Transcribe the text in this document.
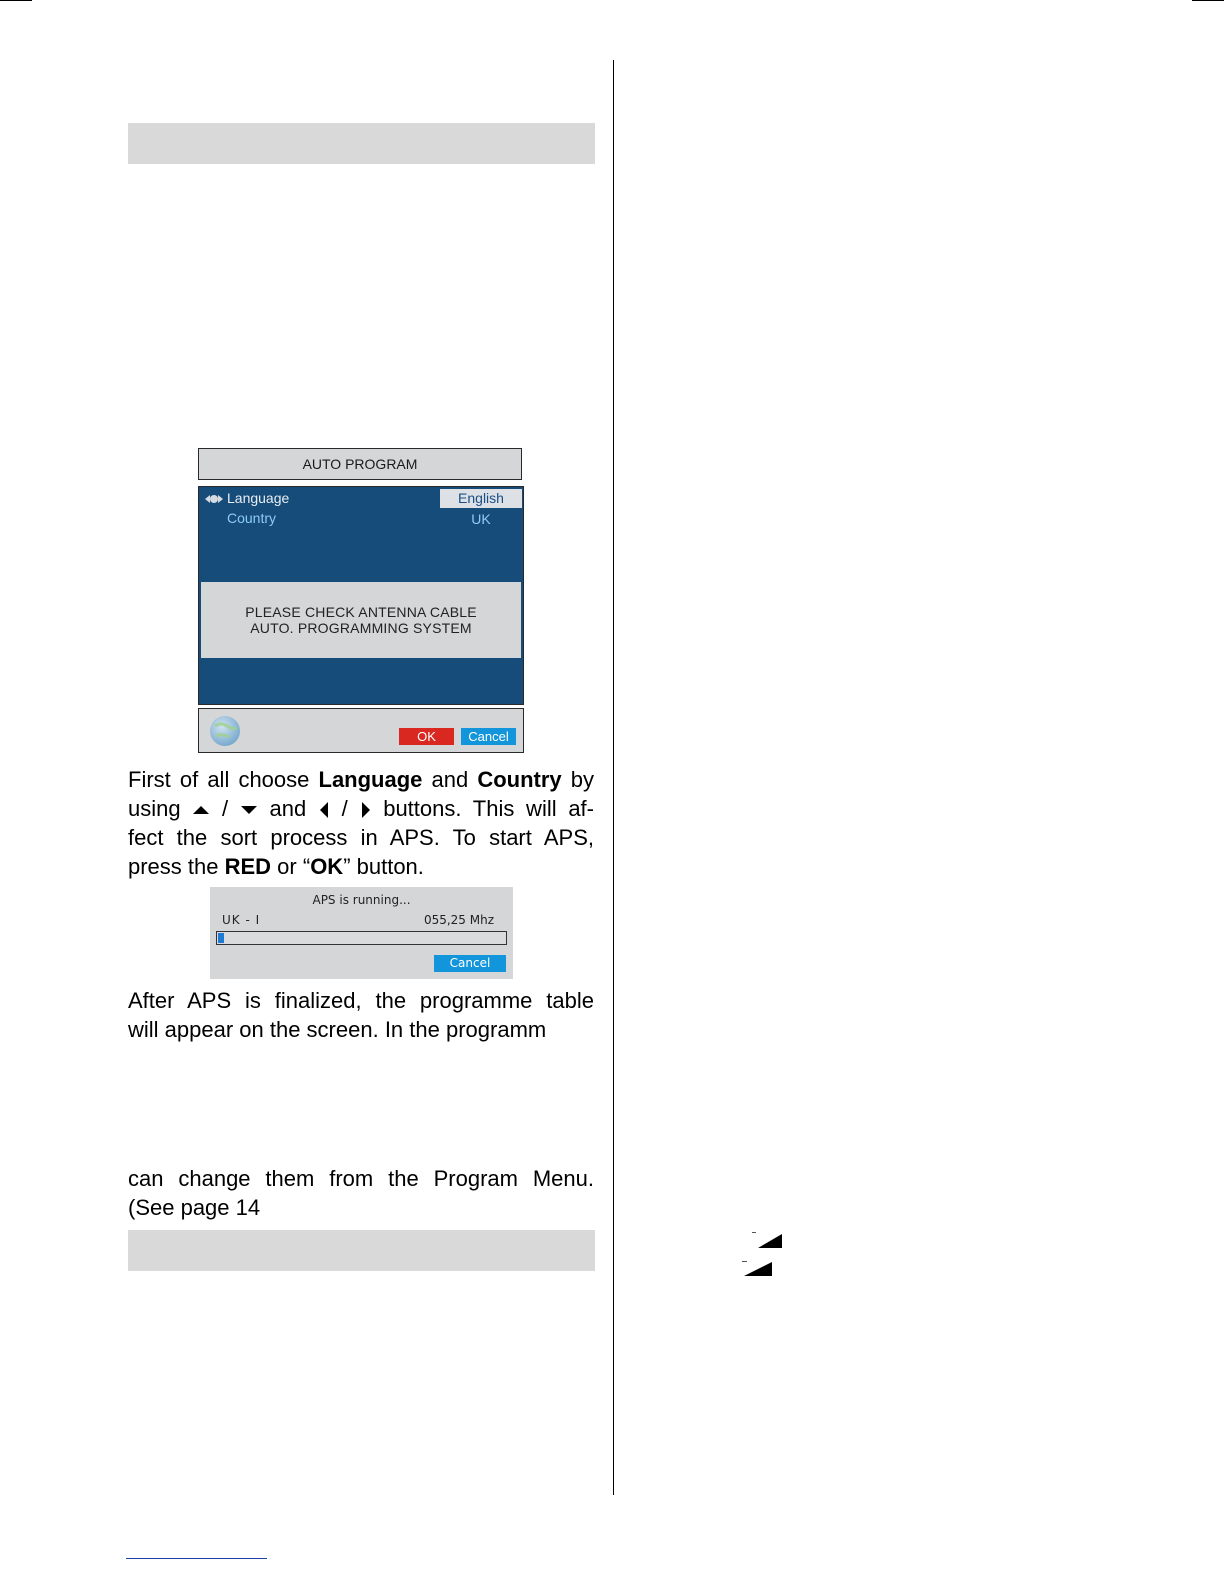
AUTO PROGRAM
Language	English
Country	UK
PLEASE CHECK ANTENNA CABLE
AUTO. PROGRAMMING SYSTEM
OK	Cancel
First of all choose Language and Country by
using  /  and  /  buttons. This will af-
fect the sort process in APS. To start APS,
press the RED or “OK” button.
APS is running...
UK - I	055,25 Mhz
Cancel
After APS is finalized, the programme table
will appear on the screen. In the programm
can change them from the Program Menu.
(See page 14
